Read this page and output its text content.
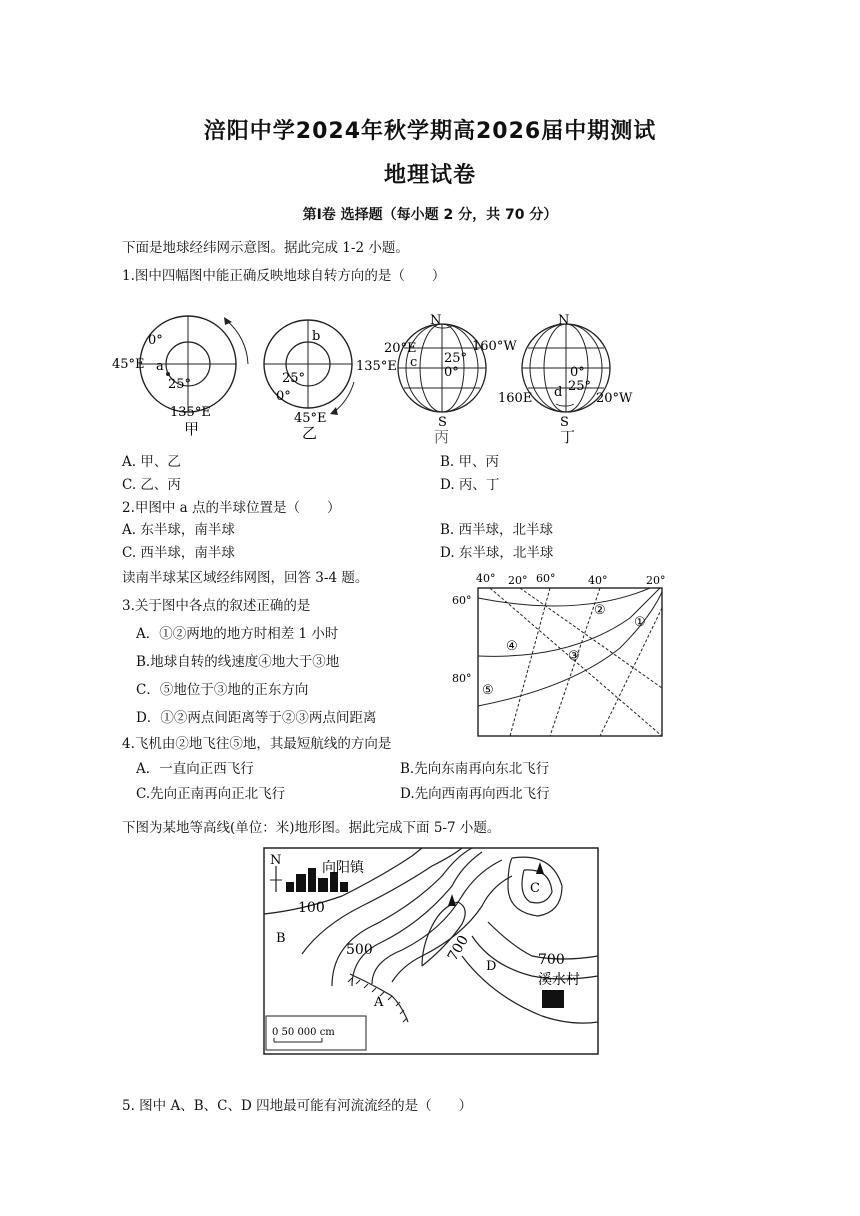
涪阳中学2024年秋学期高2026届中期测试
地理试卷
第Ⅰ卷 选择题（每小题 2 分，共 70 分）
下面是地球经纬网示意图。据此完成 1-2 小题。
1.图中四幅图中能正确反映地球自转方向的是（　　）
0°
45°E a
25°
135°E
甲
b
25°
135°E
0°
45°E
乙
N
20°E	160°W
c 25°
0°
S
丙
N
0°
25°
d
160E	20°W
S
丁
A. 甲、乙	B. 甲、丙
C. 乙、丙	D. 丙、丁
2.甲图中 a 点的半球位置是（　　）
A. 东半球，南半球	B. 西半球，北半球
C. 西半球，南半球	D. 东半球，北半球
读南半球某区域经纬网图，回答 3-4 题。
3.关于图中各点的叙述正确的是
A．①②两地的地方时相差 1 小时
B.地球自转的线速度④地大于③地
C．⑤地位于③地的正东方向
D．①②两点间距离等于②③两点间距离
40° 20° 60°	40°	20°
60°
80°
①
②
③
④
⑤
4.飞机由②地飞往⑤地，其最短航线的方向是
A．一直向正西飞行	B.先向东南再向东北飞行
C.先向正南再向正北飞行	D.先向西南再向西北飞行
下图为某地等高线(单位：米)地形图。据此完成下面 5-7 小题。
N	向阳镇
溪水村
100
500	700	700
A
B
C
D
0 50 000 cm
5. 图中 A、B、C、D 四地最可能有河流流经的是（　　）
